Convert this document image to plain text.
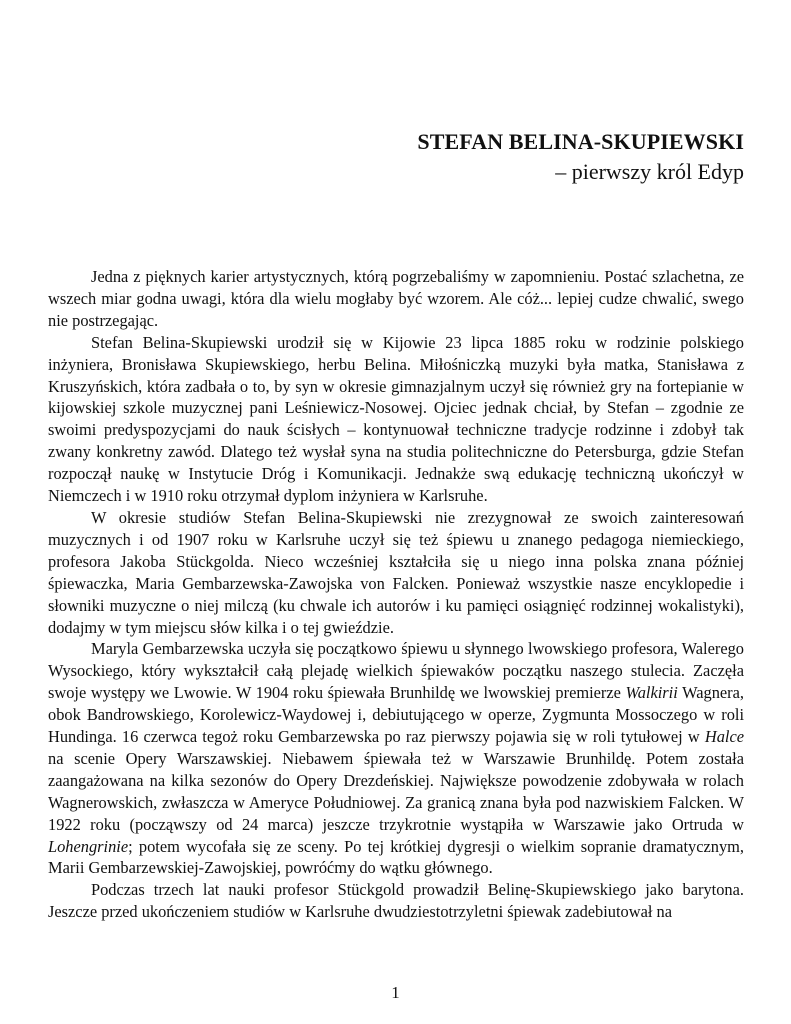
STEFAN BELINA-SKUPIEWSKI
– pierwszy król Edyp

Jedna z pięknych karier artystycznych, którą pogrzebaliśmy w zapomnieniu. Postać szlachetna, ze wszech miar godna uwagi, która dla wielu mogłaby być wzorem. Ale cóż... lepiej cudze chwalić, swego nie postrzegając.

Stefan Belina-Skupiewski urodził się w Kijowie 23 lipca 1885 roku w rodzinie polskiego inżyniera, Bronisława Skupiewskiego, herbu Belina. Miłośniczką muzyki była matka, Stanisława z Kruszyńskich, która zadbała o to, by syn w okresie gimnazjalnym uczył się również gry na fortepianie w kijowskiej szkole muzycznej pani Leśniewicz-Nosowej. Ojciec jednak chciał, by Stefan – zgodnie ze swoimi predyspozycjami do nauk ścisłych – kontynuował techniczne tradycje rodzinne i zdobył tak zwany konkretny zawód. Dlatego też wysłał syna na studia politechniczne do Petersburga, gdzie Stefan rozpoczął naukę w Instytucie Dróg i Komunikacji. Jednakże swą edukację techniczną ukończył w Niemczech i w 1910 roku otrzymał dyplom inżyniera w Karlsruhe.

W okresie studiów Stefan Belina-Skupiewski nie zrezygnował ze swoich zainteresowań muzycznych i od 1907 roku w Karlsruhe uczył się też śpiewu u znanego pedagoga niemieckiego, profesora Jakoba Stückgolda. Nieco wcześniej kształciła się u niego inna polska znana później śpiewaczka, Maria Gembarzewska-Zawojska von Falcken. Ponieważ wszystkie nasze encyklopedie i słowniki muzyczne o niej milczą (ku chwale ich autorów i ku pamięci osiągnięć rodzinnej wokalistyki), dodajmy w tym miejscu słów kilka i o tej gwieździe.

Maryla Gembarzewska uczyła się początkowo śpiewu u słynnego lwowskiego profesora, Walerego Wysockiego, który wykształcił całą plejadę wielkich śpiewaków początku naszego stulecia. Zaczęła swoje występy we Lwowie. W 1904 roku śpiewała Brunhildę we lwowskiej premierze Walkirii Wagnera, obok Bandrowskiego, Korolewicz-Waydowej i, debiutującego w operze, Zygmunta Mossoczego w roli Hundinga. 16 czerwca tegoż roku Gembarzewska po raz pierwszy pojawia się w roli tytułowej w Halce na scenie Opery Warszawskiej. Niebawem śpiewała też w Warszawie Brunhildę. Potem została zaangażowana na kilka sezonów do Opery Drezdeńskiej. Największe powodzenie zdobywała w rolach Wagnerowskich, zwłaszcza w Ameryce Południowej. Za granicą znana była pod nazwiskiem Falcken. W 1922 roku (począwszy od 24 marca) jeszcze trzykrotnie wystąpiła w Warszawie jako Ortruda w Lohengrinie; potem wycofała się ze sceny. Po tej krótkiej dygresji o wielkim sopranie dramatycznym, Marii Gembarzewskiej-Zawojskiej, powróćmy do wątku głównego.

Podczas trzech lat nauki profesor Stückgold prowadził Belinę-Skupiewskiego jako barytona. Jeszcze przed ukończeniem studiów w Karlsruhe dwudziestotrzyletni śpiewak zadebiutował na

1
